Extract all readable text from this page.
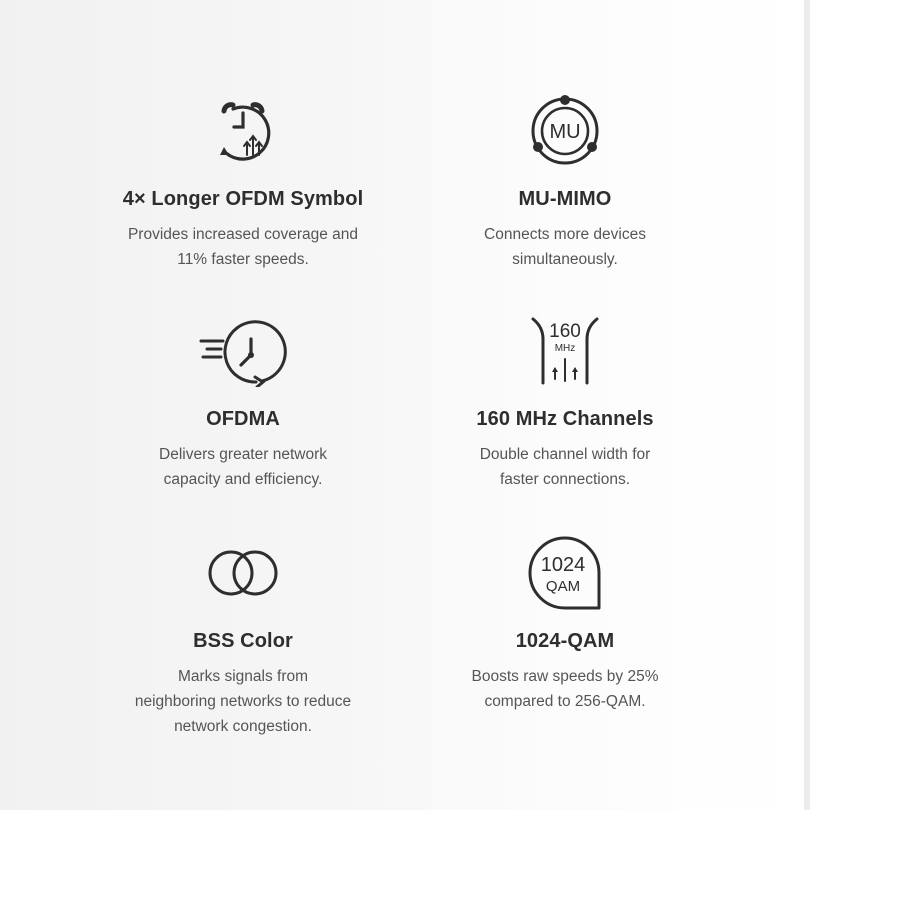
4× Longer OFDM Symbol
Provides increased coverage and
11% faster speeds.
MU
MU-MIMO
Connects more devices
simultaneously.
OFDMA
Delivers greater network
capacity and efficiency.
160
MHz
160 MHz Channels
Double channel width for
faster connections.
BSS Color
Marks signals from
neighboring networks to reduce
network congestion.
1024
QAM
1024-QAM
Boosts raw speeds by 25%
compared to 256-QAM.
